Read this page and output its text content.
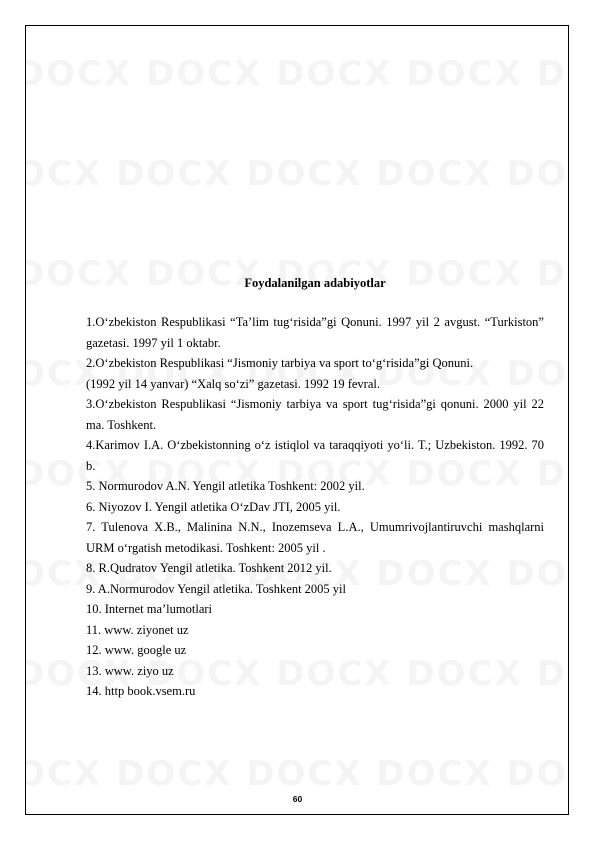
Foydalanilgan adabiyotlar

1.O‘zbekiston Respublikasi “Ta’lim tug‘risida”gi Qonuni. 1997 yil 2 avgust. “Turkiston” gazetasi. 1997 yil 1 oktabr.

2.O‘zbekiston Respublikasi “Jismoniy tarbiya va sport to‘g‘risida”gi Qonuni.

(1992 yil 14 yanvar) “Xalq so‘zi” gazetasi. 1992 19 fevral.

3.O‘zbekiston Respublikasi “Jismoniy tarbiya va sport tug‘risida”gi qonuni. 2000 yil 22 ma. Toshkent.

4.Karimov I.A. O‘zbekistonning o‘z istiqlol va taraqqiyoti yo‘li. T.; Uzbekiston. 1992. 70 b.

5. Normurodov A.N. Yengil atletika Toshkent: 2002 yil.

6. Niyozov I. Yengil atletika O‘zDav JTI, 2005 yil.

7. Tulenova X.B., Malinina N.N., Inozemseva L.A., Umumrivojlantiruvchi mashqlarni URM o‘rgatish metodikasi. Toshkent: 2005 yil .

8. R.Qudratov Yengil atletika. Toshkent 2012 yil.

9. A.Normurodov Yengil atletika. Toshkent 2005 yil

10. Internet ma’lumotlari

11. www. ziyonet uz

12. www. google uz

13. www. ziyo uz

14. http book.vsem.ru

60
